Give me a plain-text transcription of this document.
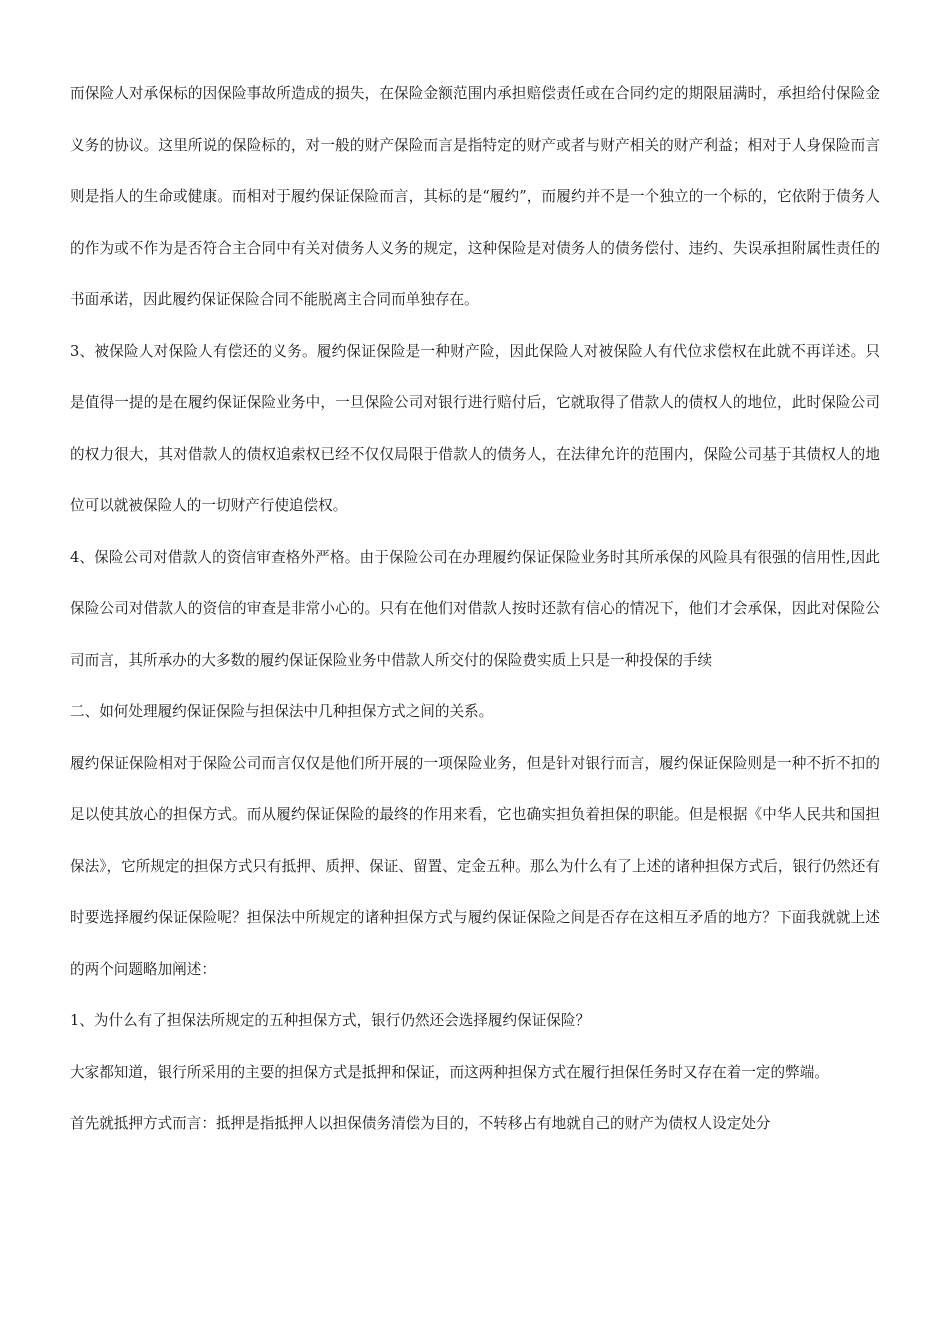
而保险人对承保标的因保险事故所造成的损失，在保险金额范围内承担赔偿责任或在合同约定的期限届满时，承担给付保险金义务的协议。这里所说的保险标的，对一般的财产保险而言是指特定的财产或者与财产相关的财产利益；相对于人身保险而言则是指人的生命或健康。而相对于履约保证保险而言，其标的是“履约”，而履约并不是一个独立的一个标的，它依附于债务人的作为或不作为是否符合主合同中有关对债务人义务的规定，这种保险是对债务人的债务偿付、违约、失误承担附属性责任的书面承诺，因此履约保证保险合同不能脱离主合同而单独存在。

3、被保险人对保险人有偿还的义务。履约保证保险是一种财产险，因此保险人对被保险人有代位求偿权在此就不再详述。只是值得一提的是在履约保证保险业务中，一旦保险公司对银行进行赔付后，它就取得了借款人的债权人的地位，此时保险公司的权力很大，其对借款人的债权追索权已经不仅仅局限于借款人的债务人，在法律允许的范围内，保险公司基于其债权人的地位可以就被保险人的一切财产行使追偿权。

4、保险公司对借款人的资信审查格外严格。由于保险公司在办理履约保证保险业务时其所承保的风险具有很强的信用性,因此保险公司对借款人的资信的审查是非常小心的。只有在他们对借款人按时还款有信心的情况下，他们才会承保，因此对保险公司而言，其所承办的大多数的履约保证保险业务中借款人所交付的保险费实质上只是一种投保的手续

二、如何处理履约保证保险与担保法中几种担保方式之间的关系。

履约保证保险相对于保险公司而言仅仅是他们所开展的一项保险业务，但是针对银行而言，履约保证保险则是一种不折不扣的足以使其放心的担保方式。而从履约保证保险的最终的作用来看，它也确实担负着担保的职能。但是根据《中华人民共和国担保法》，它所规定的担保方式只有抵押、质押、保证、留置、定金五种。那么为什么有了上述的诸种担保方式后，银行仍然还有时要选择履约保证保险呢？担保法中所规定的诸种担保方式与履约保证保险之间是否存在这相互矛盾的地方？下面我就就上述的两个问题略加阐述：

1、为什么有了担保法所规定的五种担保方式，银行仍然还会选择履约保证保险？

大家都知道，银行所采用的主要的担保方式是抵押和保证，而这两种担保方式在履行担保任务时又存在着一定的弊端。

首先就抵押方式而言：抵押是指抵押人以担保债务清偿为目的，不转移占有地就自己的财产为债权人设定处分
